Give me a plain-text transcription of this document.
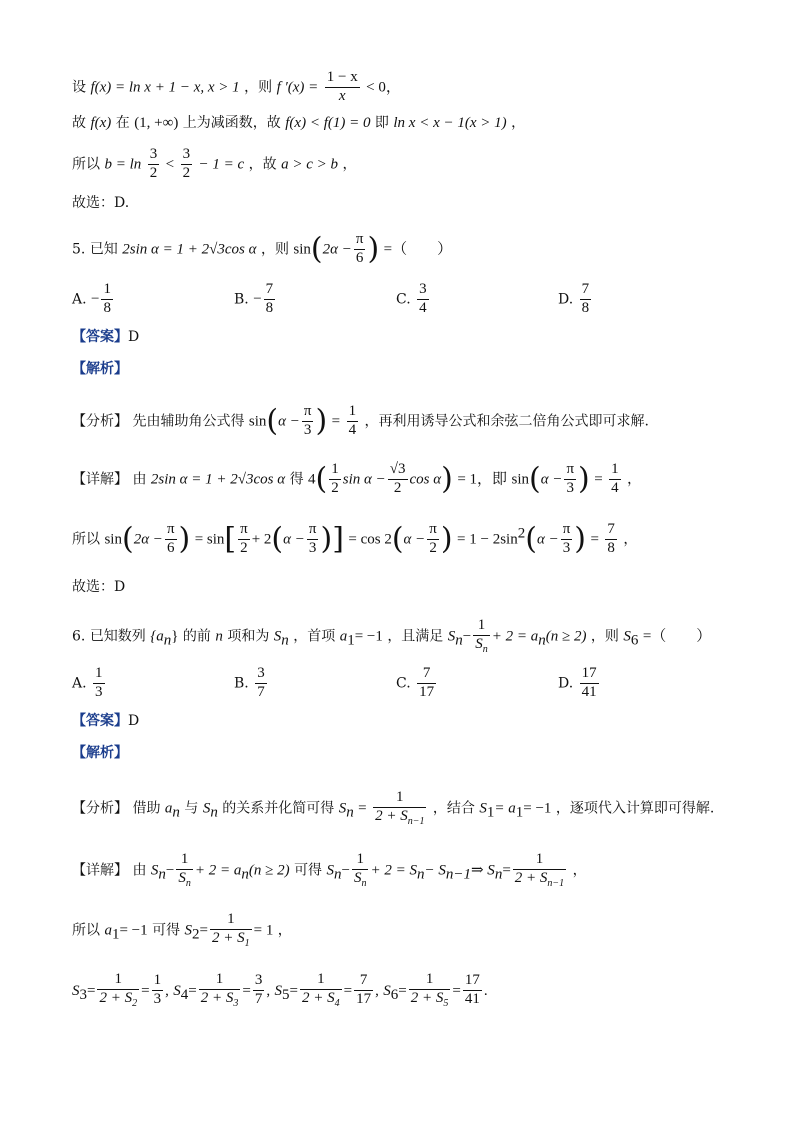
设 f(x) = ln x + 1 − x, x > 1 ，则 f $'(x) = \frac{1 - x}{x} < 0$，
故 f(x) 在 (1, +∞) 上为减函数，故 f(x) < f(1) = 0 即 ln x < x − 1(x > 1) ，
所以 $b = \ln \frac{3}{2} < \frac{3}{2} - 1 = c$ ，故 a > c > b ，
故选：D.
5. 已知 2sin α = 1 + 2√3cos α ，则 $\sin(2\alpha - \frac{\pi}{6}$ ) =（　　）
A. − $\frac{1}{8}$	B. − $\frac{7}{8}$	C. $\frac{3}{4}$	D. $\frac{7}{8}$
【答案】D
【解析】
【分析】 先由辅助角公式得 $\sin(\alpha - \frac{\pi}{3}$ ) = $\frac{1}{4}$ ，再利用诱导公式和余弦二倍角公式即可求解.
【详解】 由 2sin α = 1 + 2√3cos α 得 $4( \frac{1}{2}$ $\sin \alpha - \frac{√3}{2}$ cos α) = 1，即 $\sin(\alpha - \frac{\pi}{3}$ ) = $\frac{1}{4}$ ，
所以 $\sin(2\alpha - \frac{\pi}{6}$ ) = $\sin[ \frac{\pi}{2} + 2(\alpha - \frac{\pi}{3}$ )] = $\cos 2(\alpha - \frac{\pi}{2}$ ) = $1 - 2\sin^2(\alpha - \frac{\pi}{3}$ ) = $\frac{7}{8}$ ，
故选：D
6. 已知数列 $\{a_n\}$ 的前 n 项和为 $S_n$ ，首项 $a_1= -1$ ，且满足 $S_n- \frac{1}{S_n} + 2 = a_n(n \ge 2)$ ，则 $S_6$ =（　　）
A. $\frac{1}{3}$	B. $\frac{3}{7}$	C. $\frac{7}{17}$	D. $\frac{17}{41}$
【答案】D
【解析】
【分析】 借助 $a_n$ 与 $S_n$ 的关系并化简可得 $S_n = \frac{1}{2 + S_{n-1}}$ ，结合 $S_1= a_1= -1$ ，逐项代入计算即可得解.
【详解】 由 $S_n- \frac{1}{S_n} + 2 = a_n(n \ge 2)$ 可得 $S_n- \frac{1}{S_n} + 2 = S_n-$ $S_{n-1}\Rightarrow$ $S_n= \frac{1}{2 + S_{n-1}}$ ，
所以 $a_1= -1$ 可得 $S_2= \frac{1}{2 + S_1} = 1$ ，
$S_3= \frac{1}{2 + S_2} = \frac{1}{3}$ , $S_4= \frac{1}{2 + S_3} = \frac{3}{7}$ , $S_5= \frac{1}{2 + S_4} = \frac{7}{17}$ , $S_6= \frac{1}{2 + S_5} = \frac{17}{41}$ .
